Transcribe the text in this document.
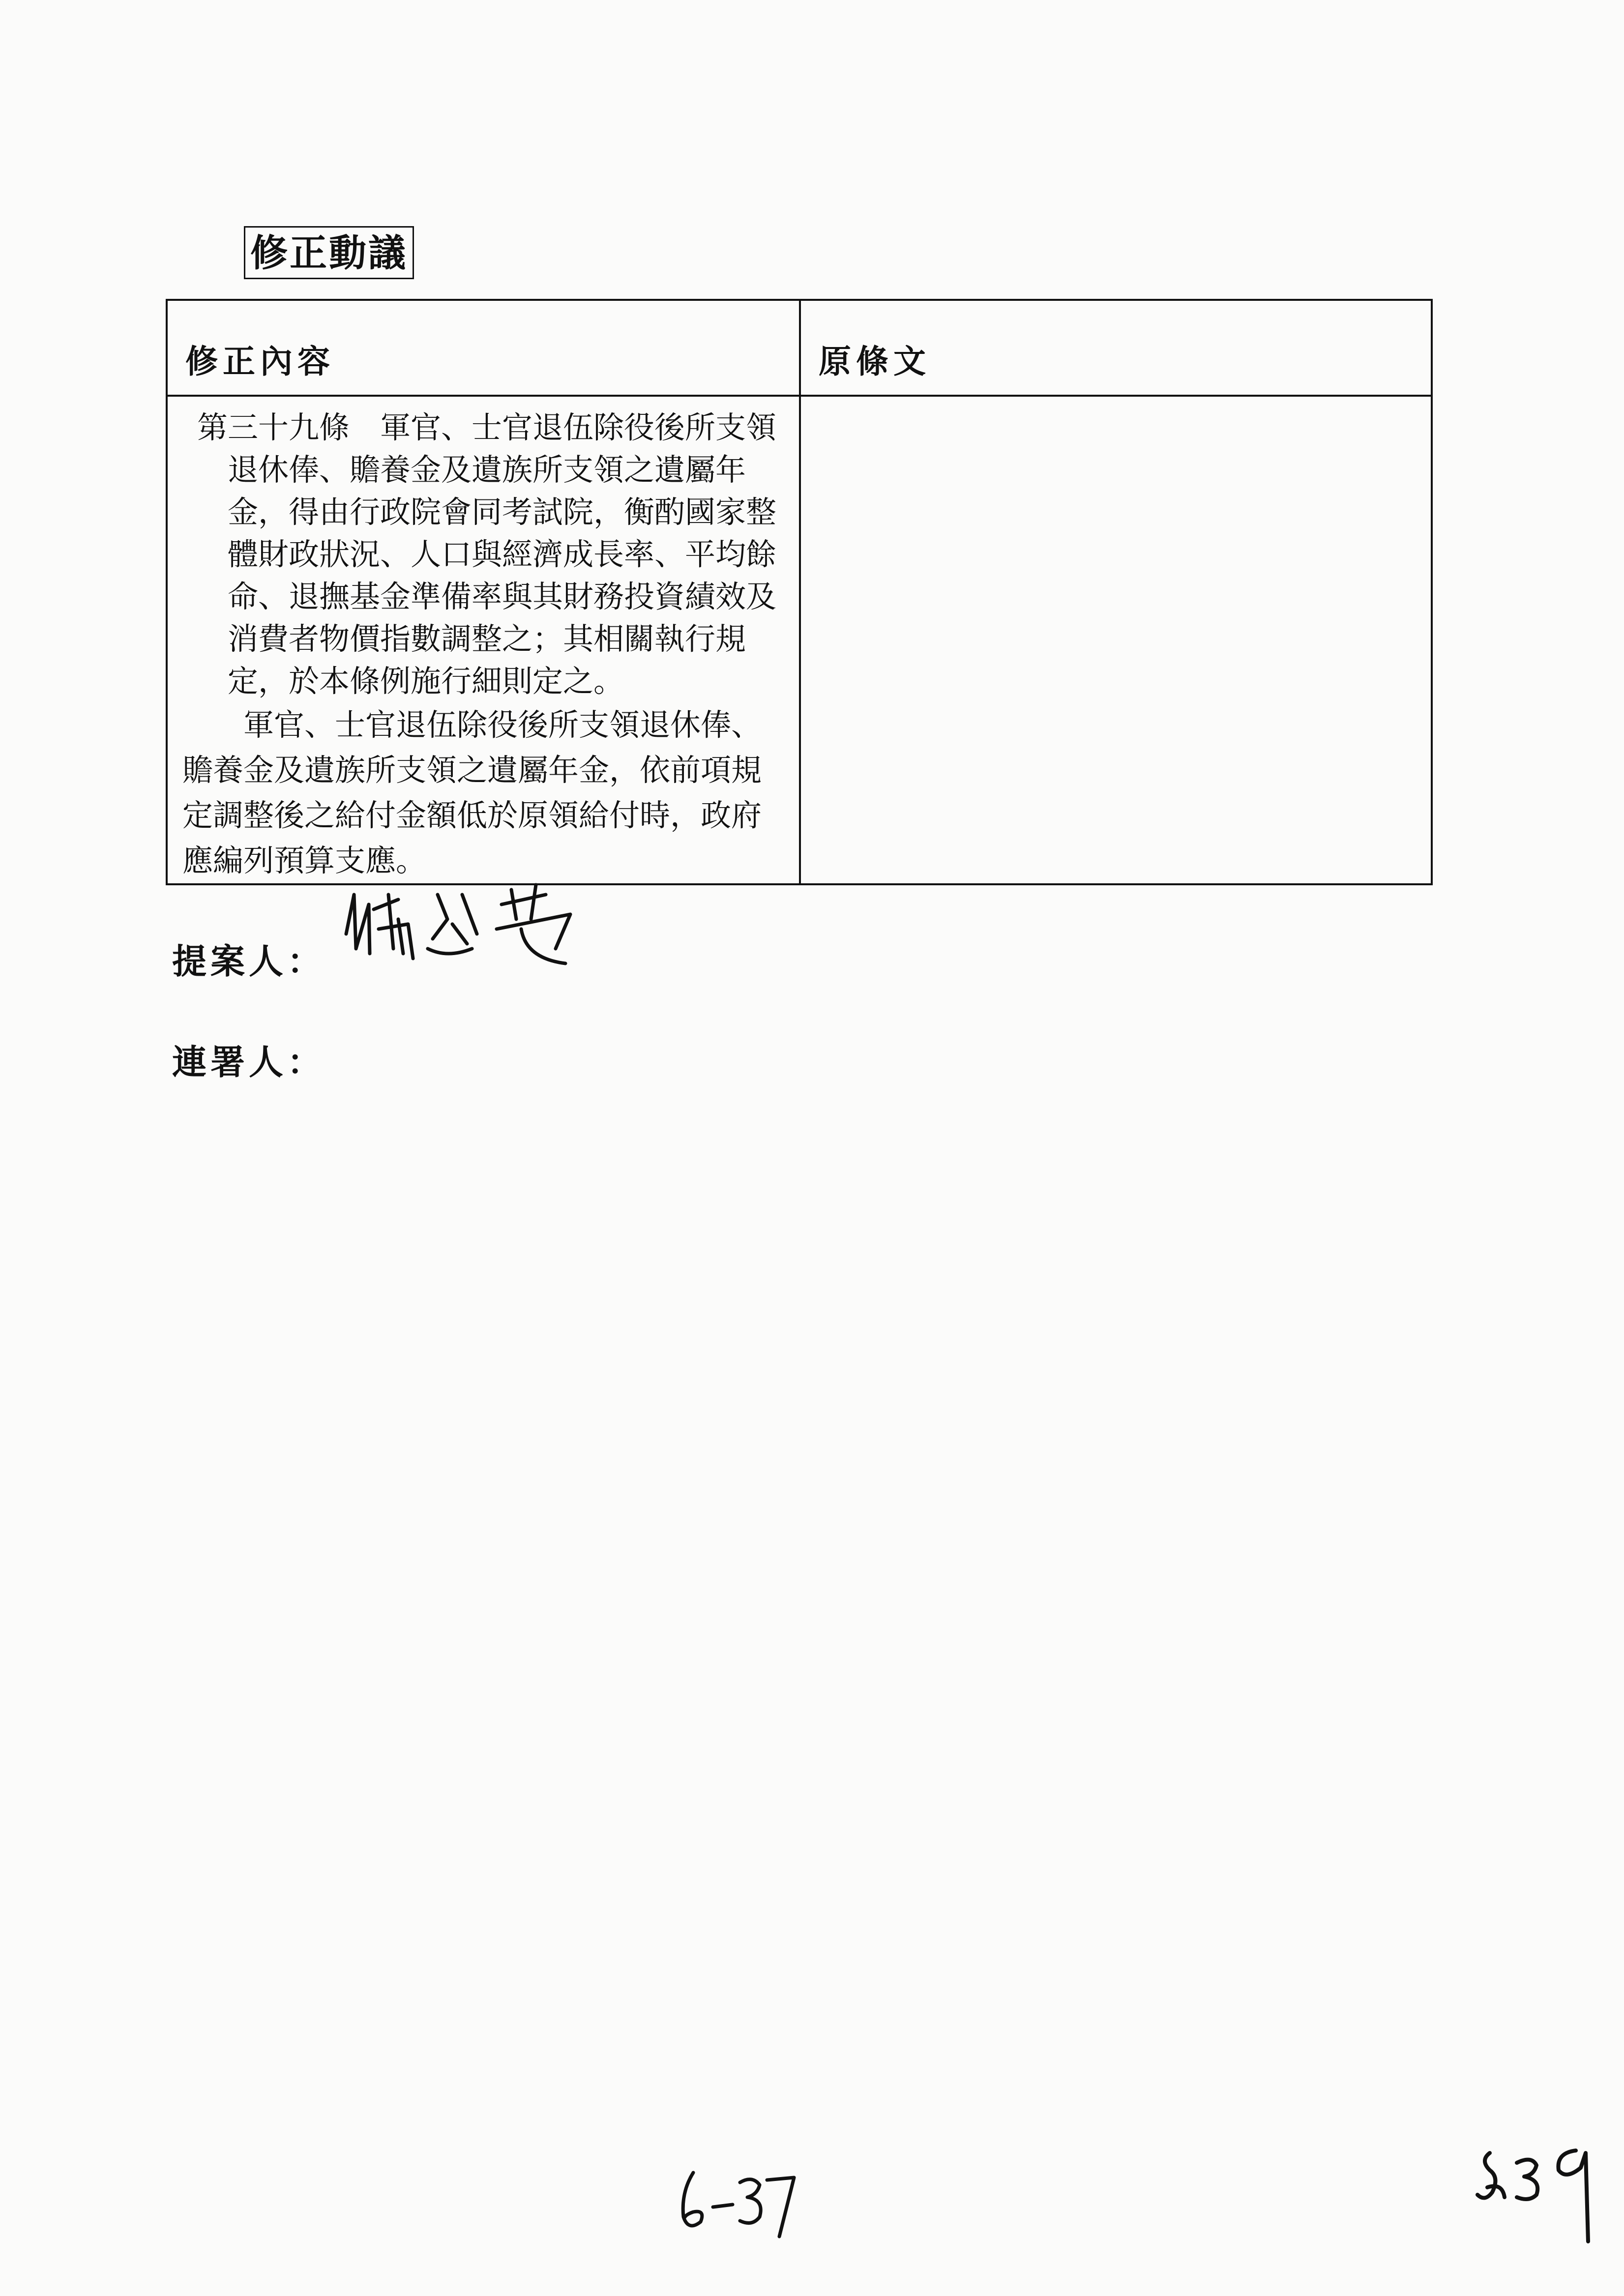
修正動議
修正內容	原條文

第三十九條　 軍官、士官退伍除役後所支領退休俸、贍養金及遺族所支領之遺屬年金，得由行政院會同考試院，衡酌國家整體財政狀況、人口與經濟成長率、平均餘命、退撫基金準備率與其財務投資績效及消費者物價指數調整之；其相關執行規定，於本條例施行細則定之。

軍官、士官退伍除役後所支領退休俸、贍養金及遺族所支領之遺屬年金，依前項規定調整後之給付金額低於原領給付時，政府應編列預算支應。	

提案人：
連署人：
